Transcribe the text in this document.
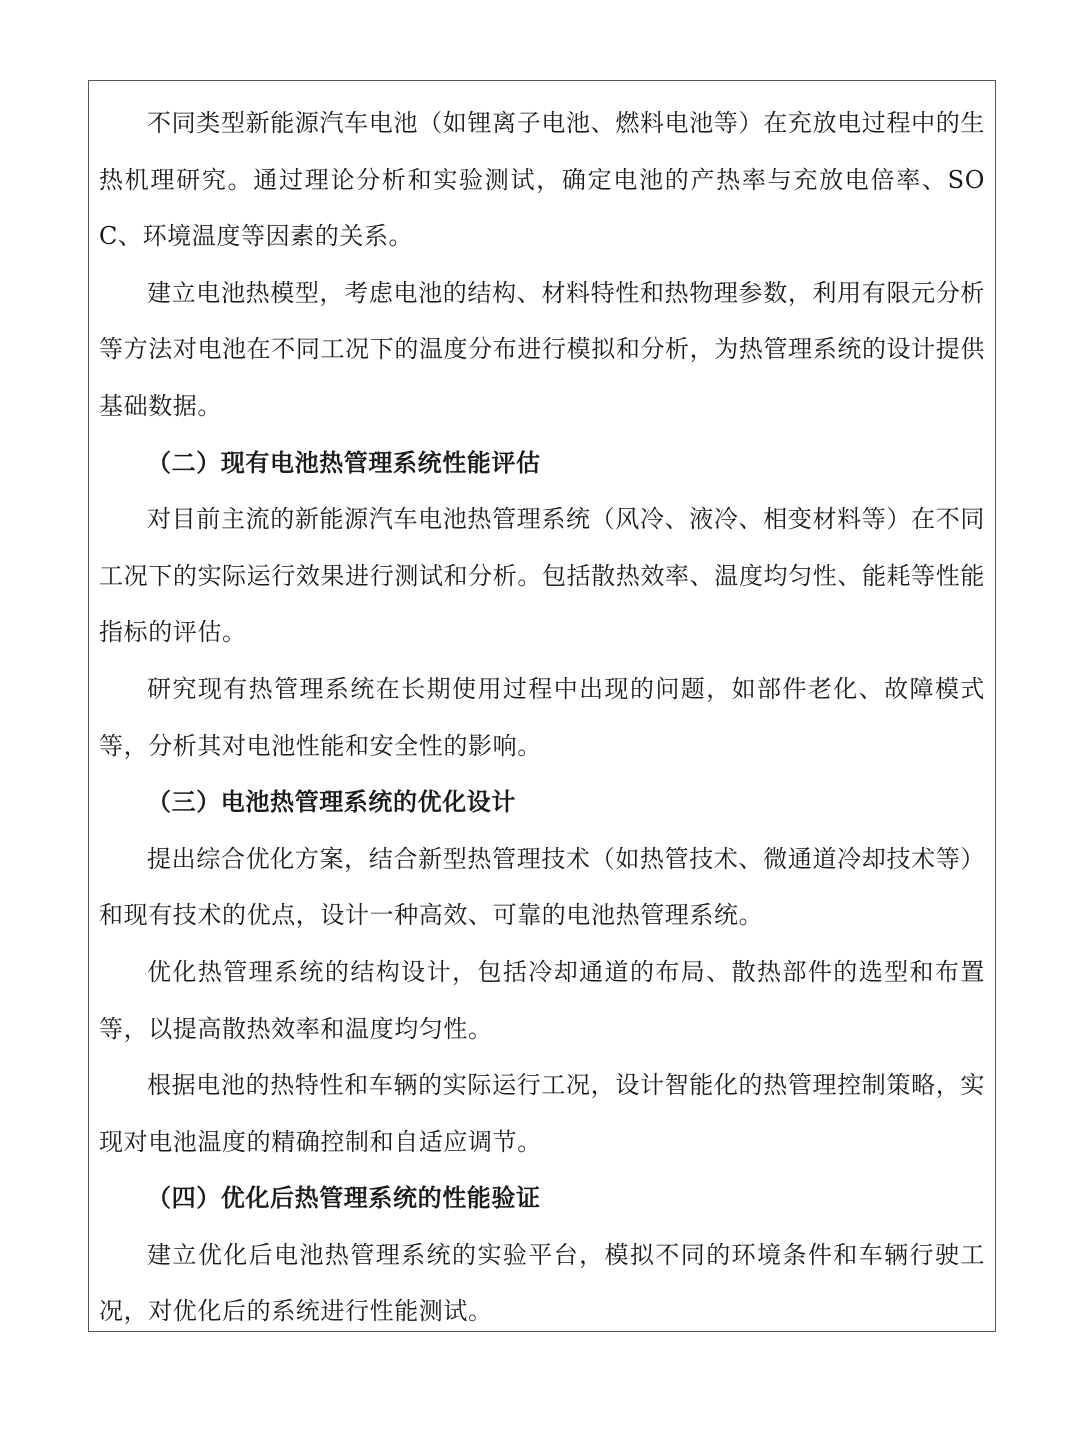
不同类型新能源汽车电池（如锂离子电池、燃料电池等）在充放电过程中的生热机理研究。通过理论分析和实验测试，确定电池的产热率与充放电倍率、SOC、环境温度等因素的关系。

建立电池热模型，考虑电池的结构、材料特性和热物理参数，利用有限元分析等方法对电池在不同工况下的温度分布进行模拟和分析，为热管理系统的设计提供基础数据。

（二）现有电池热管理系统性能评估

对目前主流的新能源汽车电池热管理系统（风冷、液冷、相变材料等）在不同工况下的实际运行效果进行测试和分析。包括散热效率、温度均匀性、能耗等性能指标的评估。

研究现有热管理系统在长期使用过程中出现的问题，如部件老化、故障模式等，分析其对电池性能和安全性的影响。

（三）电池热管理系统的优化设计

提出综合优化方案，结合新型热管理技术（如热管技术、微通道冷却技术等）和现有技术的优点，设计一种高效、可靠的电池热管理系统。

优化热管理系统的结构设计，包括冷却通道的布局、散热部件的选型和布置等，以提高散热效率和温度均匀性。

根据电池的热特性和车辆的实际运行工况，设计智能化的热管理控制策略，实现对电池温度的精确控制和自适应调节。

（四）优化后热管理系统的性能验证

建立优化后电池热管理系统的实验平台，模拟不同的环境条件和车辆行驶工况，对优化后的系统进行性能测试。
